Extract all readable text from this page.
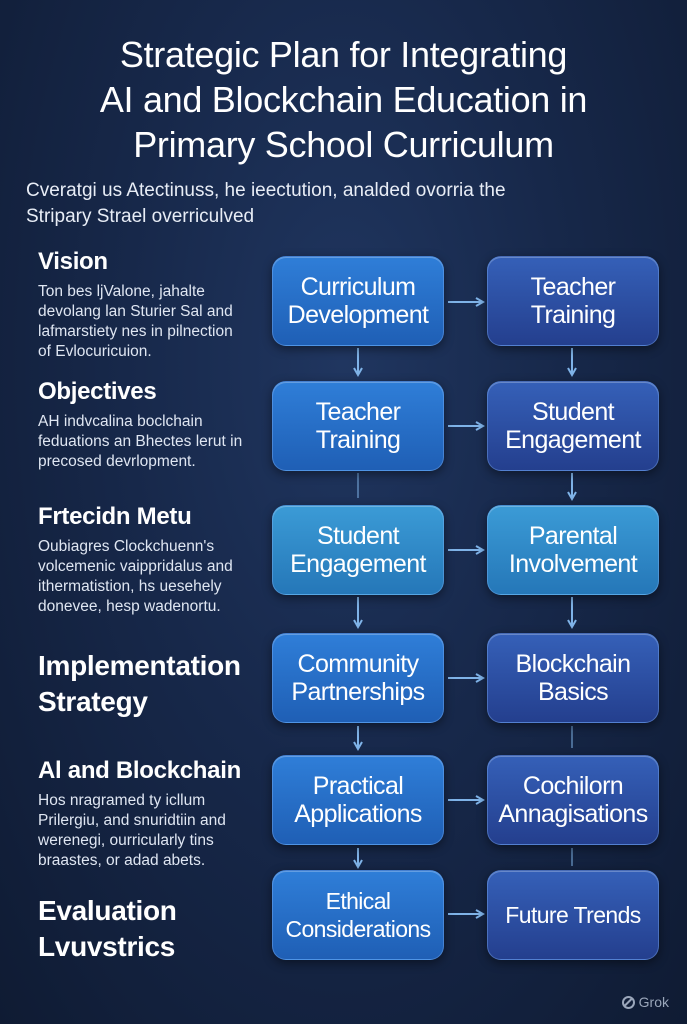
Strategic Plan for Integrating
AI and Blockchain Education in
Primary School Curriculum
Cveratgi us Atectinuss, he iеectution, analded ovorria the
Stripary Strael overriculved
Vision
Ton bes ljValone, jahalte
devolang lan Sturier Sal and
lafmarstiety nes in pilnection
of Evlocuricuion.
Objectives
AH indvcalina boclchain
feduations an Bhectes lerut in
precosed devrlopment.
Frtecidn Metu
Oubiagres Clockchuenn's
volcemenic vaippridalus and
ithermatistion, hs uesehely
donevee, hesp wadenortu.
Implementation
Strategy
Al and Blockchain
Hos nragramed ty icllum
Prilergiu, and snuridtiin and
werenegi, ourricularly tins
braastes, or adad abets.
Evaluation
Lvuvstrics
Curriculum
Development
Teacher
Training
Teacher
Training
Student
Engagement
Student
Engagement
Parental
Involvement
Community
Partnerships
Blockchain
Basics
Practical
Applications
Cochilorn
Annagisations
Ethical
Considerations
Future Trends
Grok
